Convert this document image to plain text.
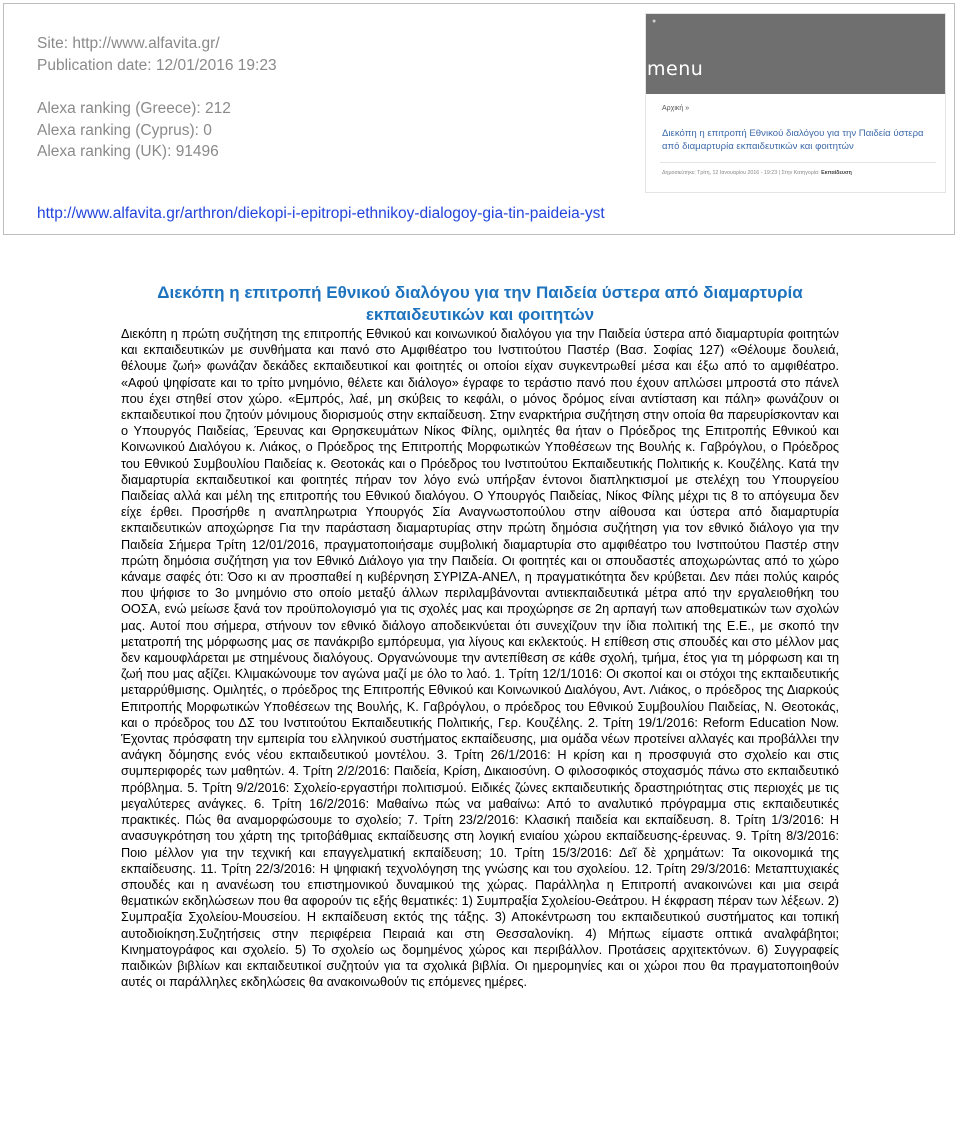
Site: http://www.alfavita.gr/
Publication date: 12/01/2016 19:23
Alexa ranking (Greece): 212
Alexa ranking (Cyprus): 0
Alexa ranking (UK): 91496
http://www.alfavita.gr/arthron/diekopi-i-epitropi-ethnikoy-dialogoy-gia-tin-paideia-yst
●
menu
Αρχική »
Διεκόπη η επιτροπή Εθνικού διαλόγου για την Παιδεία ύστερα από διαμαρτυρία εκπαιδευτικών και φοιτητών
Δημοσιεύτηκε: Τρίτη, 12 Ιανουαρίου 2016 - 19:23 | Στην Κατηγορία: Εκπαίδευση
Διεκόπη η επιτροπή Εθνικού διαλόγου για την Παιδεία ύστερα από διαμαρτυρία εκπαιδευτικών και φοιτητών
Διεκόπη η πρώτη συζήτηση της επιτροπής Εθνικού και κοινωνικού διαλόγου για την Παιδεία ύστερα από διαμαρτυρία φοιτητών και εκπαιδευτικών με συνθήματα και πανό στο Αμφιθέατρο του Ινστιτούτου Παστέρ (Βασ. Σοφίας 127) «Θέλουμε δουλειά, θέλουμε ζωή» φωνάζαν δεκάδες εκπαιδευτικοί και φοιτητές οι οποίοι είχαν συγκεντρωθεί μέσα και έξω από το αμφιθέατρο. «Αφού ψηφίσατε και το τρίτο μνημόνιο, θέλετε και διάλογο» έγραφε το τεράστιο πανό που έχουν απλώσει μπροστά στο πάνελ που έχει στηθεί στον χώρο. «Εμπρός, λαέ, μη σκύβεις το κεφάλι, ο μόνος δρόμος είναι αντίσταση και πάλη» φωνάζουν οι εκπαιδευτικοί που ζητούν μόνιμους διορισμούς στην εκπαίδευση. Στην εναρκτήρια συζήτηση στην οποία θα παρευρίσκονταν και ο Υπουργός Παιδείας, Έρευνας και Θρησκευμάτων Νίκος Φίλης, ομιλητές θα ήταν ο Πρόεδρος της Επιτροπής Εθνικού και Κοινωνικού Διαλόγου κ. Λιάκος, ο Πρόεδρος της Επιτροπής Μορφωτικών Υποθέσεων της Βουλής κ. Γαβρόγλου, ο Πρόεδρος του Εθνικού Συμβουλίου Παιδείας κ. Θεοτοκάς και ο Πρόεδρος του Ινστιτούτου Εκπαιδευτικής Πολιτικής κ. Κουζέλης. Κατά την διαμαρτυρία εκπαιδευτικοί και φοιτητές πήραν τον λόγο ενώ υπήρξαν έντονοι διαπληκτισμοί με στελέχη του Υπουργείου Παιδείας αλλά και μέλη της επιτροπής του Εθνικού διαλόγου. Ο Υπουργός Παιδείας, Νίκος Φίλης μέχρι τις 8 το απόγευμα δεν είχε έρθει. Προσήρθε η αναπληρωτρια Υπουργός Σία Αναγνωστοπούλου στην αίθουσα και ύστερα από διαμαρτυρία εκπαιδευτικών αποχώρησε Για την παράσταση διαμαρτυρίας στην πρώτη δημόσια συζήτηση για τον εθνικό διάλογο για την Παιδεία Σήμερα Τρίτη 12/01/2016, πραγματοποιήσαμε συμβολική διαμαρτυρία στο αμφιθέατρο του Ινστιτούτου Παστέρ στην πρώτη δημόσια συζήτηση για τον Εθνικό Διάλογο για την Παιδεία. Οι φοιτητές και οι σπουδαστές αποχωρώντας από το χώρο κάναμε σαφές ότι: Όσο κι αν προσπαθεί η κυβέρνηση ΣΥΡΙΖΑ-ΑΝΕΛ, η πραγματικότητα δεν κρύβεται. Δεν πάει πολύς καιρός που ψήφισε το 3ο μνημόνιο στο οποίο μεταξύ άλλων περιλαμβάνονται αντιεκπαιδευτικά μέτρα από την εργαλειοθήκη του ΟΟΣΑ, ενώ μείωσε ξανά τον προϋπολογισμό για τις σχολές μας και προχώρησε σε 2η αρπαγή των αποθεματικών των σχολών μας. Αυτοί που σήμερα, στήνουν τον εθνικό διάλογο αποδεικνύεται ότι συνεχίζουν την ίδια πολιτική της Ε.Ε., με σκοπό την μετατροπή της μόρφωσης μας σε πανάκριβο εμπόρευμα, για λίγους και εκλεκτούς. Η επίθεση στις σπουδές και στο μέλλον μας δεν καμουφλάρεται με στημένους διαλόγους. Οργανώνουμε την αντεπίθεση σε κάθε σχολή, τμήμα, έτος για τη μόρφωση και τη ζωή που μας αξίζει. Κλιμακώνουμε τον αγώνα μαζί με όλο το λαό. 1. Τρίτη 12/1/1016: Οι σκοποί και οι στόχοι της εκπαιδευτικής μεταρρύθμισης. Ομιλητές, ο πρόεδρος της Επιτροπής Εθνικού και Κοινωνικού Διαλόγου, Αντ. Λιάκος, ο πρόεδρος της Διαρκούς Επιτροπής Μορφωτικών Υποθέσεων της Βουλής, Κ. Γαβρόγλου, ο πρόεδρος του Εθνικού Συμβουλίου Παιδείας, Ν. Θεοτοκάς, και ο πρόεδρος του ΔΣ του Ινστιτούτου Εκπαιδευτικής Πολιτικής, Γερ. Κουζέλης. 2. Τρίτη 19/1/2016: Reform Education Now. Έχοντας πρόσφατη την εμπειρία του ελληνικού συστήματος εκπαίδευσης, μια ομάδα νέων προτείνει αλλαγές και προβάλλει την ανάγκη δόμησης ενός νέου εκπαιδευτικού μοντέλου. 3. Τρίτη 26/1/2016: Η κρίση και η προσφυγιά στο σχολείο και στις συμπεριφορές των μαθητών. 4. Τρίτη 2/2/2016: Παιδεία, Κρίση, Δικαιοσύνη. Ο φιλοσοφικός στοχασμός πάνω στο εκπαιδευτικό πρόβλημα. 5. Τρίτη 9/2/2016: Σχολείο-εργαστήρι πολιτισμού. Ειδικές ζώνες εκπαιδευτικής δραστηριότητας στις περιοχές με τις μεγαλύτερες ανάγκες. 6. Τρίτη 16/2/2016: Μαθαίνω πώς να μαθαίνω: Από το αναλυτικό πρόγραμμα στις εκπαιδευτικές πρακτικές. Πώς θα αναμορφώσουμε το σχολείο; 7. Τρίτη 23/2/2016: Κλασική παιδεία και εκπαίδευση. 8. Τρίτη 1/3/2016: Η ανασυγκρότηση του χάρτη της τριτοβάθμιας εκπαίδευσης στη λογική ενιαίου χώρου εκπαίδευσης-έρευνας. 9. Τρίτη 8/3/2016: Ποιο μέλλον για την τεχνική και επαγγελματική εκπαίδευση; 10. Τρίτη 15/3/2016: Δεῖ δὲ χρημάτων: Τα οικονομικά της εκπαίδευσης. 11. Τρίτη 22/3/2016: Η ψηφιακή τεχνολόγηση της γνώσης και του σχολείου. 12. Τρίτη 29/3/2016: Μεταπτυχιακές σπουδές και η ανανέωση του επιστημονικού δυναμικού της χώρας. Παράλληλα η Επιτροπή ανακοινώνει και μια σειρά θεματικών εκδηλώσεων που θα αφορούν τις εξής θεματικές: 1) Συμπραξία Σχολείου-Θεάτρου. Η έκφραση πέραν των λέξεων. 2) Συμπραξία Σχολείου-Μουσείου. Η εκπαίδευση εκτός της τάξης. 3) Αποκέντρωση του εκπαιδευτικού συστήματος και τοπική αυτοδιοίκηση.Συζητήσεις στην περιφέρεια Πειραιά και στη Θεσσαλονίκη. 4) Μήπως είμαστε οπτικά αναλφάβητοι; Κινηματογράφος και σχολείο. 5) Το σχολείο ως δομημένος χώρος και περιβάλλον. Προτάσεις αρχιτεκτόνων. 6) Συγγραφείς παιδικών βιβλίων και εκπαιδευτικοί συζητούν για τα σχολικά βιβλία. Οι ημερομηνίες και οι χώροι που θα πραγματοποιηθούν αυτές οι παράλληλες εκδηλώσεις θα ανακοινωθούν τις επόμενες ημέρες.
